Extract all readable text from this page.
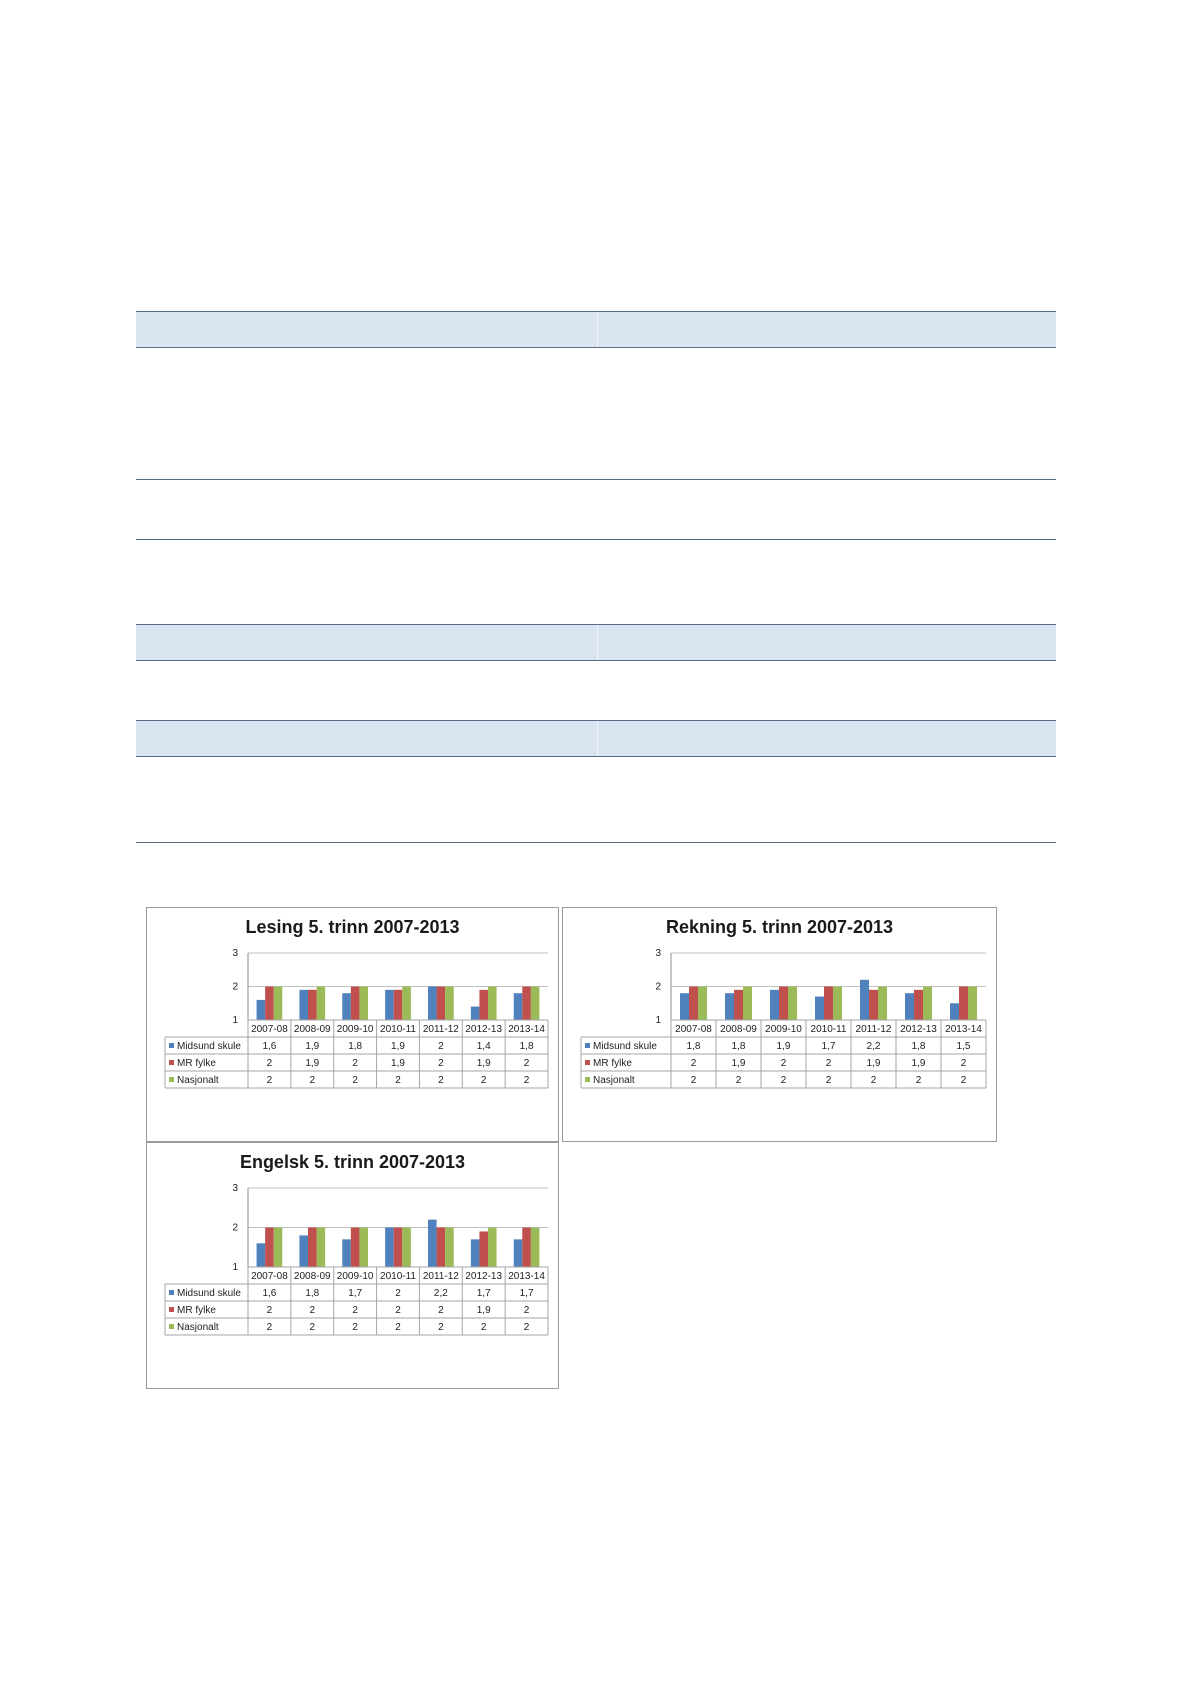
Lesing 5. trinn 2007-2013
1
2
3
2007-08 2008-09 2009-10 2010-11 2011-12 2012-13 2013-14
Midsund skule 1,6	1,9	1,8	1,9	2	1,4	1,8
MR fylke	2	1,9	2	1,9	2	1,9	2
Nasjonalt	2	2	2	2	2	2	2
Rekning 5. trinn 2007-2013
1
2
3
2007-08 2008-09 2009-10 2010-11 2011-12 2012-13 2013-14
Midsund skule	1,8	1,8	1,9	1,7	2,2	1,8	1,5
MR fylke	2	1,9	2	2	1,9	1,9	2
Nasjonalt	2	2	2	2	2	2	2
Engelsk 5. trinn 2007-2013
1
2
3
2007-08 2008-09 2009-10 2010-11 2011-12 2012-13 2013-14
Midsund skule 1,6	1,8	1,7	2	2,2	1,7	1,7
MR fylke	2	2	2	2	2	1,9	2
Nasjonalt	2	2	2	2	2	2	2
